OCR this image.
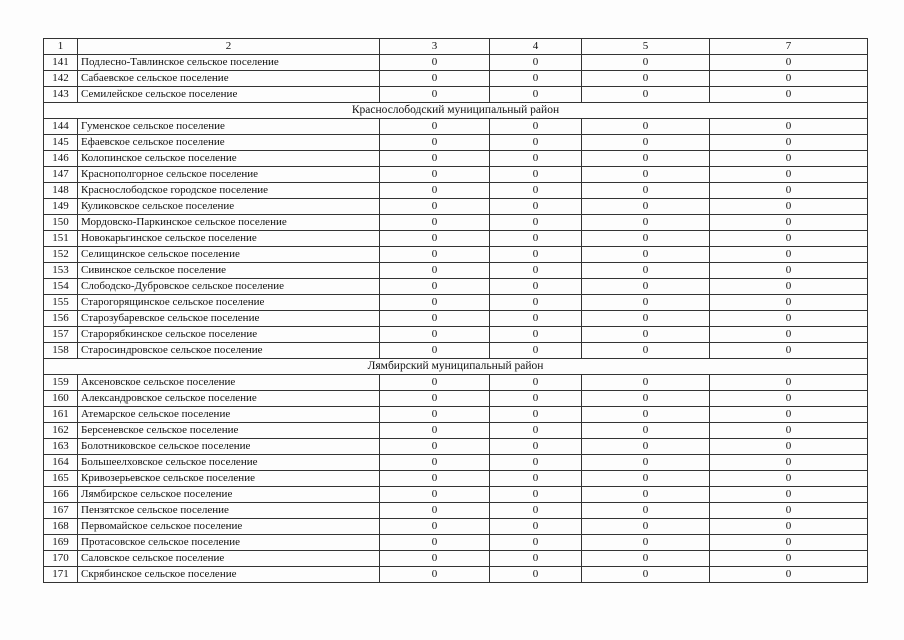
1	2	3	4	5	7
141	Подлесно-Тавлинское сельское поселение	0	0	0	0
142	Сабаевское сельское поселение	0	0	0	0
143	Семилейское сельское поселение	0	0	0	0
Краснослободский муниципальный район					
144	Гуменское сельское поселение	0	0	0	0
145	Ефаевское сельское поселение	0	0	0	0
146	Колопинское сельское поселение	0	0	0	0
147	Краснополгорное сельское поселение	0	0	0	0
148	Краснослободское городское поселение	0	0	0	0
149	Куликовское сельское поселение	0	0	0	0
150	Мордовско-Паркинское сельское поселение	0	0	0	0
151	Новокарьгинское сельское поселение	0	0	0	0
152	Селищинское сельское поселение	0	0	0	0
153	Сивинское сельское поселение	0	0	0	0
154	Слободско-Дубровское сельское поселение	0	0	0	0
155	Старогорящинское сельское поселение	0	0	0	0
156	Старозубаревское сельское поселение	0	0	0	0
157	Старорябкинское сельское поселение	0	0	0	0
158	Старосиндровское сельское поселение	0	0	0	0
Лямбирский муниципальный район					
159	Аксеновское сельское поселение	0	0	0	0
160	Александровское сельское поселение	0	0	0	0
161	Атемарское сельское поселение	0	0	0	0
162	Берсеневское сельское поселение	0	0	0	0
163	Болотниковское сельское поселение	0	0	0	0
164	Большеелховское сельское поселение	0	0	0	0
165	Кривозерьевское сельское поселение	0	0	0	0
166	Лямбирское сельское поселение	0	0	0	0
167	Пензятское сельское поселение	0	0	0	0
168	Первомайское сельское поселение	0	0	0	0
169	Протасовское сельское поселение	0	0	0	0
170	Саловское сельское поселение	0	0	0	0
171	Скрябинское сельское поселение	0	0	0	0
